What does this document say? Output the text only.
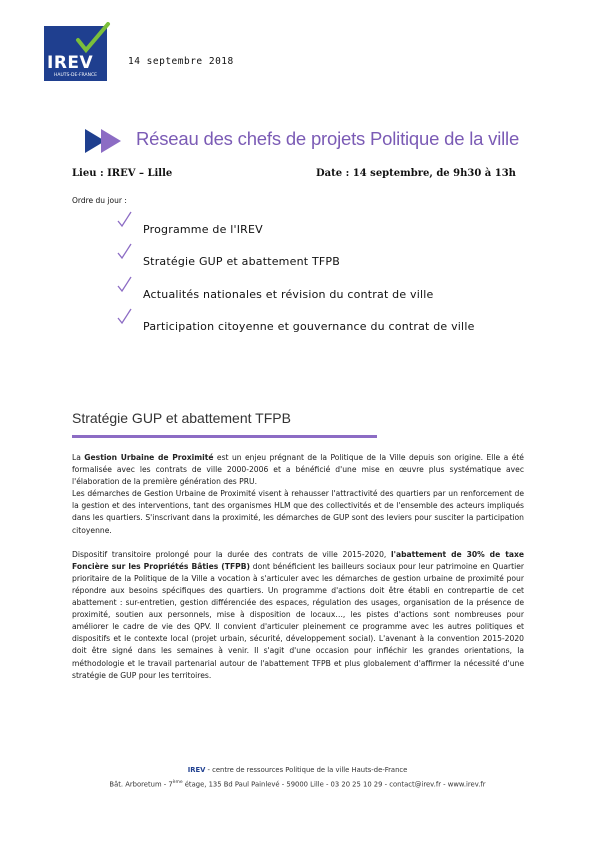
IREV
HAUTS-DE-FRANCE
14 septembre 2018
Réseau des chefs de projets Politique de la ville
Lieu : IREV – Lille	Date : 14 septembre, de 9h30 à 13h
Ordre du jour :
Programme de l'IREV
Stratégie GUP et abattement TFPB
Actualités nationales et révision du contrat de ville
Participation citoyenne et gouvernance du contrat de ville
Stratégie GUP et abattement TFPB

La Gestion Urbaine de Proximité est un enjeu prégnant de la Politique de la Ville depuis son origine. Elle a été formalisée avec les contrats de ville 2000-2006 et a bénéficié d'une mise en œuvre plus systématique avec l'élaboration de la première génération des PRU.

Les démarches de Gestion Urbaine de Proximité visent à rehausser l'attractivité des quartiers par un renforcement de la gestion et des interventions, tant des organismes HLM que des collectivités et de l'ensemble des acteurs impliqués dans les quartiers. S'inscrivant dans la proximité, les démarches de GUP sont des leviers pour susciter la participation citoyenne.

Dispositif transitoire prolongé pour la durée des contrats de ville 2015-2020, l'abattement de 30% de taxe Foncière sur les Propriétés Bâties (TFPB) dont bénéficient les bailleurs sociaux pour leur patrimoine en Quartier prioritaire de la Politique de la Ville a vocation à s'articuler avec les démarches de gestion urbaine de proximité pour répondre aux besoins spécifiques des quartiers. Un programme d'actions doit être établi en contrepartie de cet abattement : sur-entretien, gestion différenciée des espaces, régulation des usages, organisation de la présence de proximité, soutien aux personnels, mise à disposition de locaux…, les pistes d'actions sont nombreuses pour améliorer le cadre de vie des QPV. Il convient d'articuler pleinement ce programme avec les autres politiques et dispositifs et le contexte local (projet urbain, sécurité, développement social). L'avenant à la convention 2015-2020 doit être signé dans les semaines à venir. Il s'agit d'une occasion pour infléchir les grandes orientations, la méthodologie et le travail partenarial autour de l'abattement TFPB et plus globalement d'affirmer la nécessité d'une stratégie de GUP pour les territoires.

IREV - centre de ressources Politique de la ville Hauts-de-France
Bât. Arboretum - 7ème étage, 135 Bd Paul Painlevé - 59000 Lille - 03 20 25 10 29 - contact@irev.fr - www.irev.fr
